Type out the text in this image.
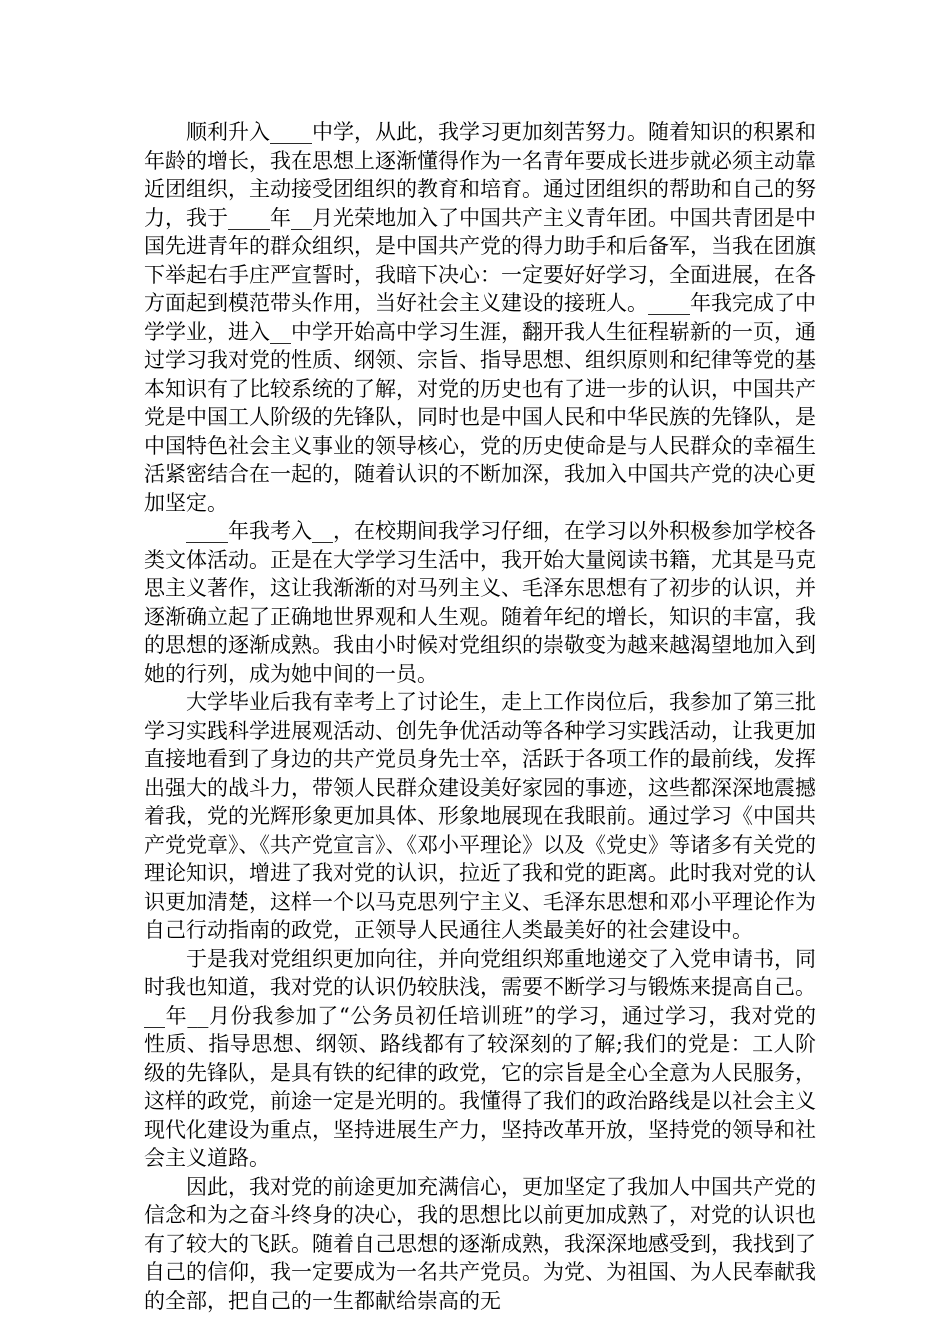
顺利升入____中学，从此，我学习更加刻苦努力。随着知识的积累和年龄的增长，我在思想上逐渐懂得作为一名青年要成长进步就必须主动靠近团组织，主动接受团组织的教育和培育。通过团组织的帮助和自己的努力，我于____年__月光荣地加入了中国共产主义青年团。中国共青团是中国先进青年的群众组织，是中国共产党的得力助手和后备军，当我在团旗下举起右手庄严宣誓时，我暗下决心：一定要好好学习，全面进展，在各方面起到模范带头作用，当好社会主义建设的接班人。____年我完成了中学学业，进入__中学开始高中学习生涯，翻开我人生征程崭新的一页，通过学习我对党的性质、纲领、宗旨、指导思想、组织原则和纪律等党的基本知识有了比较系统的了解，对党的历史也有了进一步的认识，中国共产党是中国工人阶级的先锋队，同时也是中国人民和中华民族的先锋队，是中国特色社会主义事业的领导核心，党的历史使命是与人民群众的幸福生活紧密结合在一起的，随着认识的不断加深，我加入中国共产党的决心更加坚定。

____年我考入__，在校期间我学习仔细，在学习以外积极参加学校各类文体活动。正是在大学学习生活中，我开始大量阅读书籍，尤其是马克思主义著作，这让我渐渐的对马列主义、毛泽东思想有了初步的认识，并逐渐确立起了正确地世界观和人生观。随着年纪的增长，知识的丰富，我的思想的逐渐成熟。我由小时候对党组织的崇敬变为越来越渴望地加入到她的行列，成为她中间的一员。

大学毕业后我有幸考上了讨论生，走上工作岗位后，我参加了第三批学习实践科学进展观活动、创先争优活动等各种学习实践活动，让我更加直接地看到了身边的共产党员身先士卒，活跃于各项工作的最前线，发挥出强大的战斗力，带领人民群众建设美好家园的事迹，这些都深深地震撼着我，党的光辉形象更加具体、形象地展现在我眼前。通过学习《中国共产党党章》、《共产党宣言》、《邓小平理论》以及《党史》等诸多有关党的理论知识，增进了我对党的认识，拉近了我和党的距离。此时我对党的认识更加清楚，这样一个以马克思列宁主义、毛泽东思想和邓小平理论作为自己行动指南的政党，正领导人民通往人类最美好的社会建设中。

于是我对党组织更加向往，并向党组织郑重地递交了入党申请书，同时我也知道，我对党的认识仍较肤浅，需要不断学习与锻炼来提高自己。__年__月份我参加了“公务员初任培训班”的学习，通过学习，我对党的性质、指导思想、纲领、路线都有了较深刻的了解;我们的党是：工人阶级的先锋队，是具有铁的纪律的政党，它的宗旨是全心全意为人民服务，这样的政党，前途一定是光明的。我懂得了我们的政治路线是以社会主义现代化建设为重点，坚持进展生产力，坚持改革开放，坚持党的领导和社会主义道路。

因此，我对党的前途更加充满信心，更加坚定了我加人中国共产党的信念和为之奋斗终身的决心，我的思想比以前更加成熟了，对党的认识也有了较大的飞跃。随着自己思想的逐渐成熟，我深深地感受到，我找到了自己的信仰，我一定要成为一名共产党员。为党、为祖国、为人民奉献我的全部，把自己的一生都献给崇高的无
